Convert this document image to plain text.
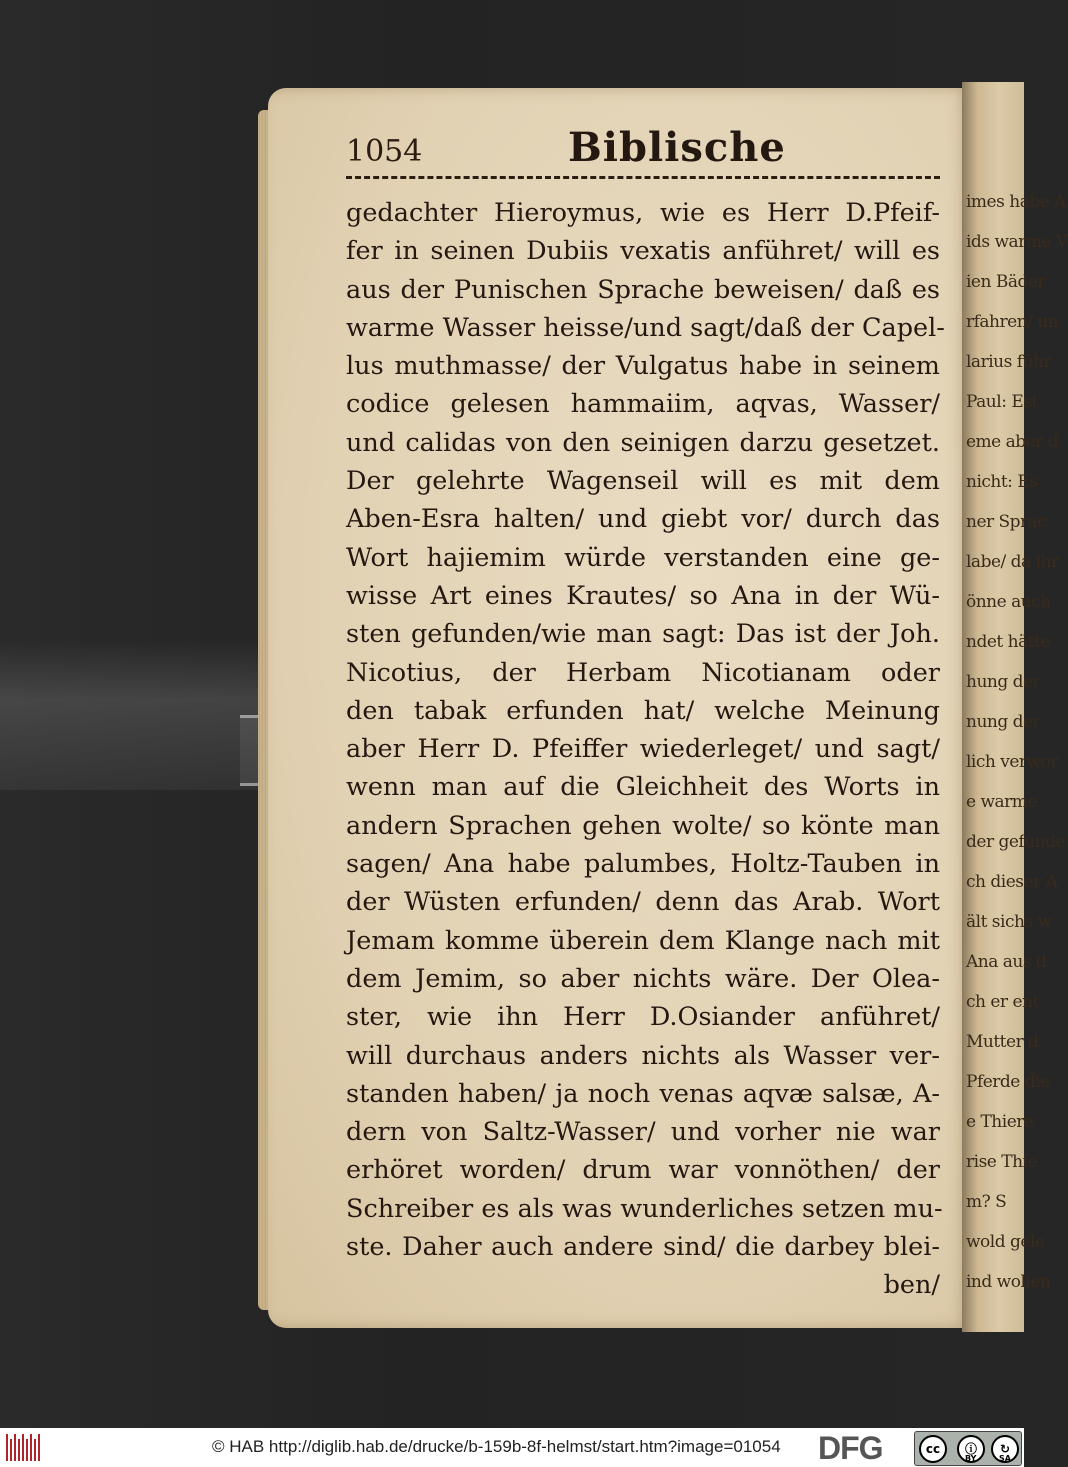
imes habe A
ids warme V
ien Bäder
rfahren/ un
larius führ
Paul: Est
eme aber d
nicht: Es
ner Sprac
labe/ da ihr
önne auch
ndet hätte
hung der
nung der
lich verwor
e warme
der gefunde
ch dieser A
ält sichs w
Ana aus d
ch er ent
Mutter d
Pferde die
e Thiere
rise Thie
m? S
wold gele
ind wollen
1054	Biblische
gedachter Hieroymus, wie es Herr D.Pfeif-
fer in seinen Dubiis vexatis anführet/ will es
aus der Punischen Sprache beweisen/ daß es
warme Wasser heisse/und sagt/daß der Capel-
lus muthmasse/ der Vulgatus habe in seinem
codice gelesen hammaiim, aqvas, Wasser/
und calidas von den seinigen darzu gesetzet.
Der gelehrte Wagenseil will es mit dem
Aben-Esra halten/ und giebt vor/ durch das
Wort hajiemim würde verstanden eine ge-
wisse Art eines Krautes/ so Ana in der Wü-
sten gefunden/wie man sagt: Das ist der Joh.
Nicotius, der Herbam Nicotianam oder
den tabak erfunden hat/ welche Meinung
aber Herr D. Pfeiffer wiederleget/ und sagt/
wenn man auf die Gleichheit des Worts in
andern Sprachen gehen wolte/ so könte man
sagen/ Ana habe palumbes, Holtz-Tauben in
der Wüsten erfunden/ denn das Arab. Wort
Jemam komme überein dem Klange nach mit
dem Jemim, so aber nichts wäre. Der Olea-
ster, wie ihn Herr D.Osiander anführet/
will durchaus anders nichts als Wasser ver-
standen haben/ ja noch venas aqvæ salsæ, A-
dern von Saltz-Wasser/ und vorher nie war
erhöret worden/ drum war vonnöthen/ der
Schreiber es als was wunderliches setzen mu-
ste. Daher auch andere sind/ die darbey blei-
ben/
© HAB http://diglib.hab.de/drucke/b-159b-8f-helmst/start.htm?image=01054 DFG	cc	ⓘ	↻
BY	SA
